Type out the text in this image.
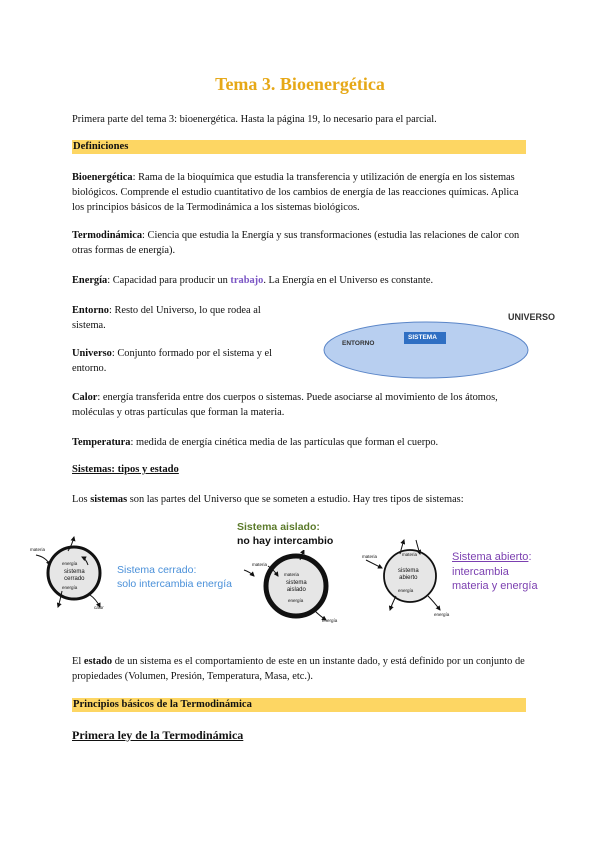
Tema 3. Bioenergética
Primera parte del tema 3: bioenergética. Hasta la página 19, lo necesario para el parcial.
Definiciones
Bioenergética: Rama de la bioquímica que estudia la transferencia y utilización de energía en los sistemas biológicos. Comprende el estudio cuantitativo de los cambios de energía de las reacciones químicas. Aplica los principios básicos de la Termodinámica a los sistemas biológicos.
Termodinámica: Ciencia que estudia la Energía y sus transformaciones (estudia las relaciones de calor con otras formas de energía).
Energía: Capacidad para producir un trabajo. La Energía en el Universo es constante.
Entorno: Resto del Universo, lo que rodea al sistema.
Universo: Conjunto formado por el sistema y el entorno.
UNIVERSO
ENTORNO
SISTEMA
Calor: energía transferida entre dos cuerpos o sistemas. Puede asociarse al movimiento de los átomos, moléculas y otras partículas que forman la materia.
Temperatura: medida de energía cinética media de las partículas que forman el cuerpo.
Sistemas: tipos y estado
Los sistemas son las partes del Universo que se someten a estudio. Hay tres tipos de sistemas:
materia
energía
sistema
cerrado
energía
calor
Sistema cerrado:
solo intercambia energía
Sistema aislado:
no hay intercambio
materia
materia
sistema
aislado
energía
energía
materia	materia
sistema
abierto
energía
energía
Sistema abierto:
intercambia
materia y energía
El estado de un sistema es el comportamiento de este en un instante dado, y está definido por un conjunto de propiedades (Volumen, Presión, Temperatura, Masa, etc.).
Principios básicos de la Termodinámica
Primera ley de la Termodinámica
